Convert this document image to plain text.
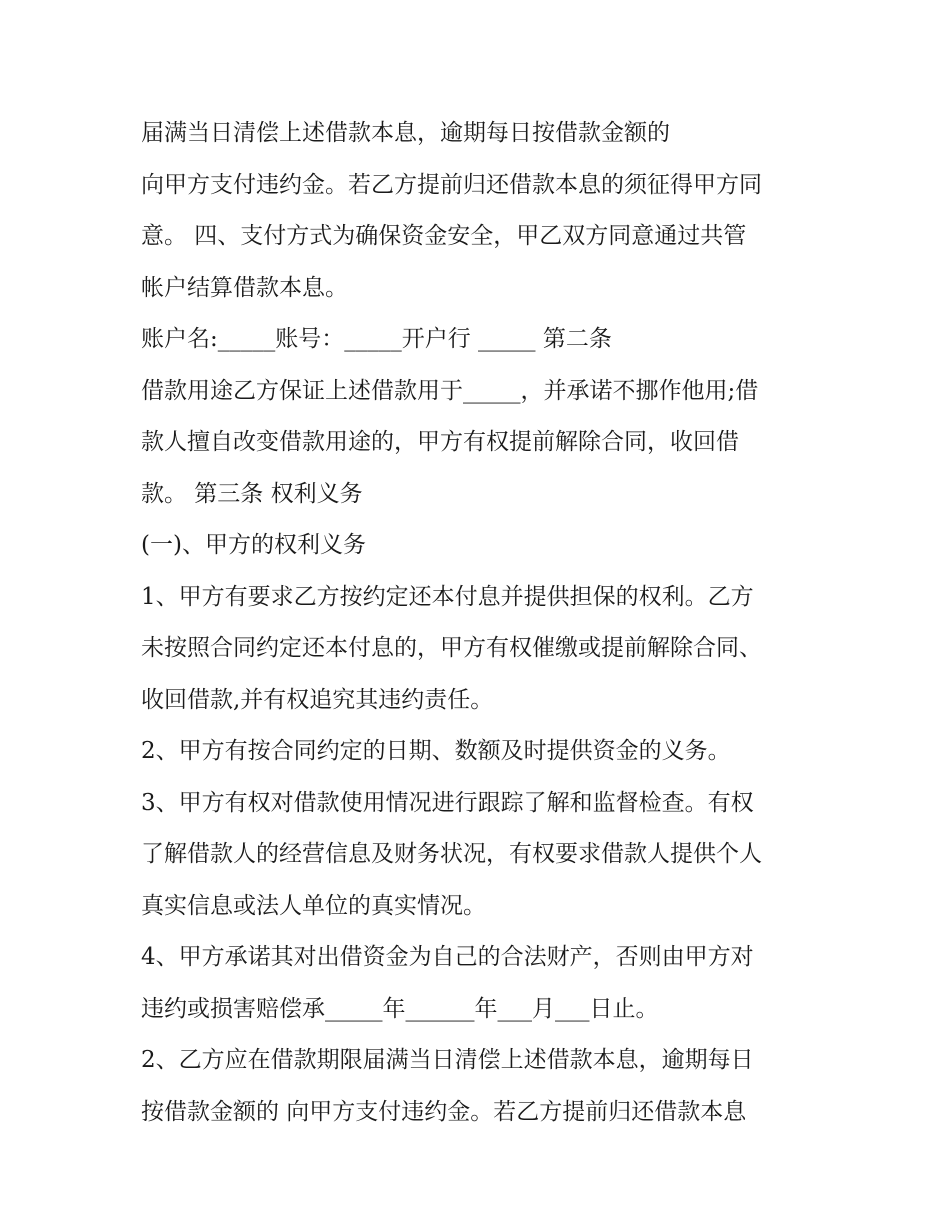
届满当日清偿上述借款本息，逾期每日按借款金额的
向甲方支付违约金。若乙方提前归还借款本息的须征得甲方同
意。 四、支付方式为确保资金安全，甲乙双方同意通过共管
帐户结算借款本息。
账户名:_____账号：_____开户行 _____ 第二条
借款用途乙方保证上述借款用于_____，并承诺不挪作他用;借
款人擅自改变借款用途的，甲方有权提前解除合同，收回借
款。 第三条 权利义务
(一)、甲方的权利义务
1、甲方有要求乙方按约定还本付息并提供担保的权利。乙方
未按照合同约定还本付息的，甲方有权催缴或提前解除合同、
收回借款,并有权追究其违约责任。
2、甲方有按合同约定的日期、数额及时提供资金的义务。
3、甲方有权对借款使用情况进行跟踪了解和监督检查。有权
了解借款人的经营信息及财务状况，有权要求借款人提供个人
真实信息或法人单位的真实情况。
4、甲方承诺其对出借资金为自己的合法财产，否则由甲方对
违约或损害赔偿承_____年______年___月___日止。
2、乙方应在借款期限届满当日清偿上述借款本息，逾期每日
按借款金额的 向甲方支付违约金。若乙方提前归还借款本息
